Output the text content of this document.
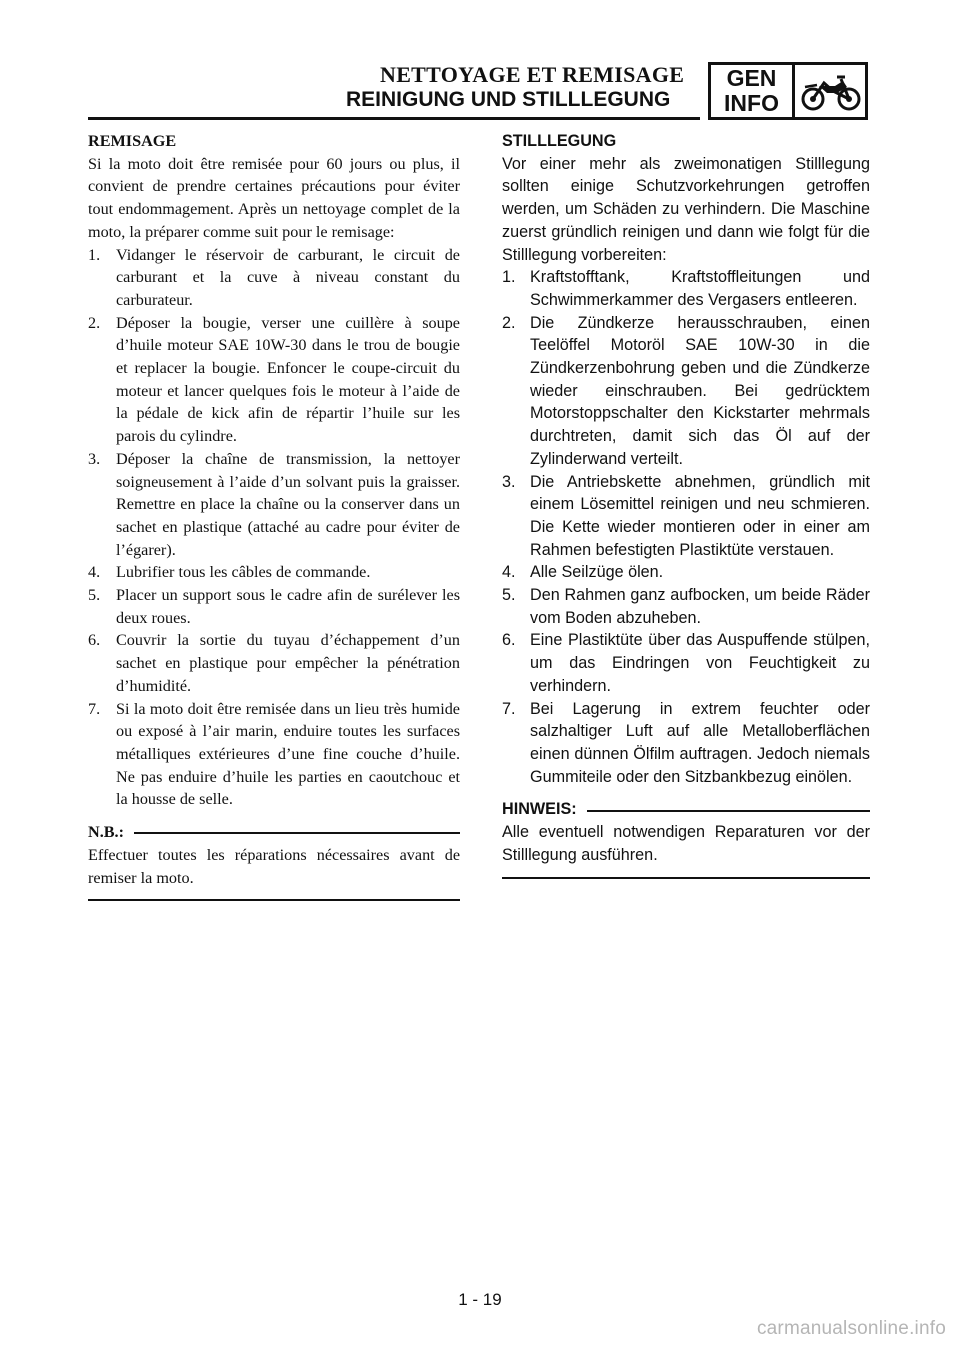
NETTOYAGE ET REMISAGE
REINIGUNG UND STILLLEGUNG
GEN
INFO

REMISAGE

Si la moto doit être remisée pour 60 jours ou plus, il convient de prendre certaines précautions pour éviter tout endommagement. Après un nettoyage complet de la moto, la préparer comme suit pour le remisage:

1. Vidanger le réservoir de carburant, le circuit de carburant et la cuve à niveau constant du carburateur.
2. Déposer la bougie, verser une cuillère à soupe d’huile moteur SAE 10W-30 dans le trou de bougie et replacer la bougie. Enfoncer le coupe-circuit du moteur et lancer quelques fois le moteur à l’aide de la pédale de kick afin de répartir l’huile sur les parois du cylindre.
3. Déposer la chaîne de transmission, la nettoyer soigneusement à l’aide d’un solvant puis la graisser. Remettre en place la chaîne ou la conserver dans un sachet en plastique (attaché au cadre pour éviter de l’égarer).
4. Lubrifier tous les câbles de commande.
5. Placer un support sous le cadre afin de surélever les deux roues.
6. Couvrir la sortie du tuyau d’échappement d’un sachet en plastique pour empêcher la pénétration d’humidité.
7. Si la moto doit être remisée dans un lieu très humide ou exposé à l’air marin, enduire toutes les surfaces métalliques extérieures d’une fine couche d’huile. Ne pas enduire d’huile les parties en caoutchouc et la housse de selle.
N.B.:

Effectuer toutes les réparations nécessaires avant de remiser la moto.

STILLLEGUNG

Vor einer mehr als zweimonatigen Stilllegung sollten einige Schutzvorkehrungen getroffen werden, um Schäden zu verhindern. Die Maschine zuerst gründlich reinigen und dann wie folgt für die Stilllegung vorbereiten:

1. Kraftstofftank, Kraftstoffleitungen und Schwimmerkammer des Vergasers entleeren.
2. Die Zündkerze herausschrauben, einen Teelöffel Motoröl SAE 10W-30 in die Zündkerzenbohrung geben und die Zündkerze wieder einschrauben. Bei gedrücktem Motorstoppschalter den Kickstarter mehrmals durchtreten, damit sich das Öl auf der Zylinderwand verteilt.
3. Die Antriebskette abnehmen, gründlich mit einem Lösemittel reinigen und neu schmieren. Die Kette wieder montieren oder in einer am Rahmen befestigten Plastiktüte verstauen.
4. Alle Seilzüge ölen.
5. Den Rahmen ganz aufbocken, um beide Räder vom Boden abzuheben.
6. Eine Plastiktüte über das Auspuffende stülpen, um das Eindringen von Feuchtigkeit zu verhindern.
7. Bei Lagerung in extrem feuchter oder salzhaltiger Luft auf alle Metalloberflächen einen dünnen Ölfilm auftragen. Jedoch niemals Gummiteile oder den Sitzbankbezug einölen.
HINWEIS:

Alle eventuell notwendigen Reparaturen vor der Stilllegung ausführen.

1 - 19
carmanualsonline.info
